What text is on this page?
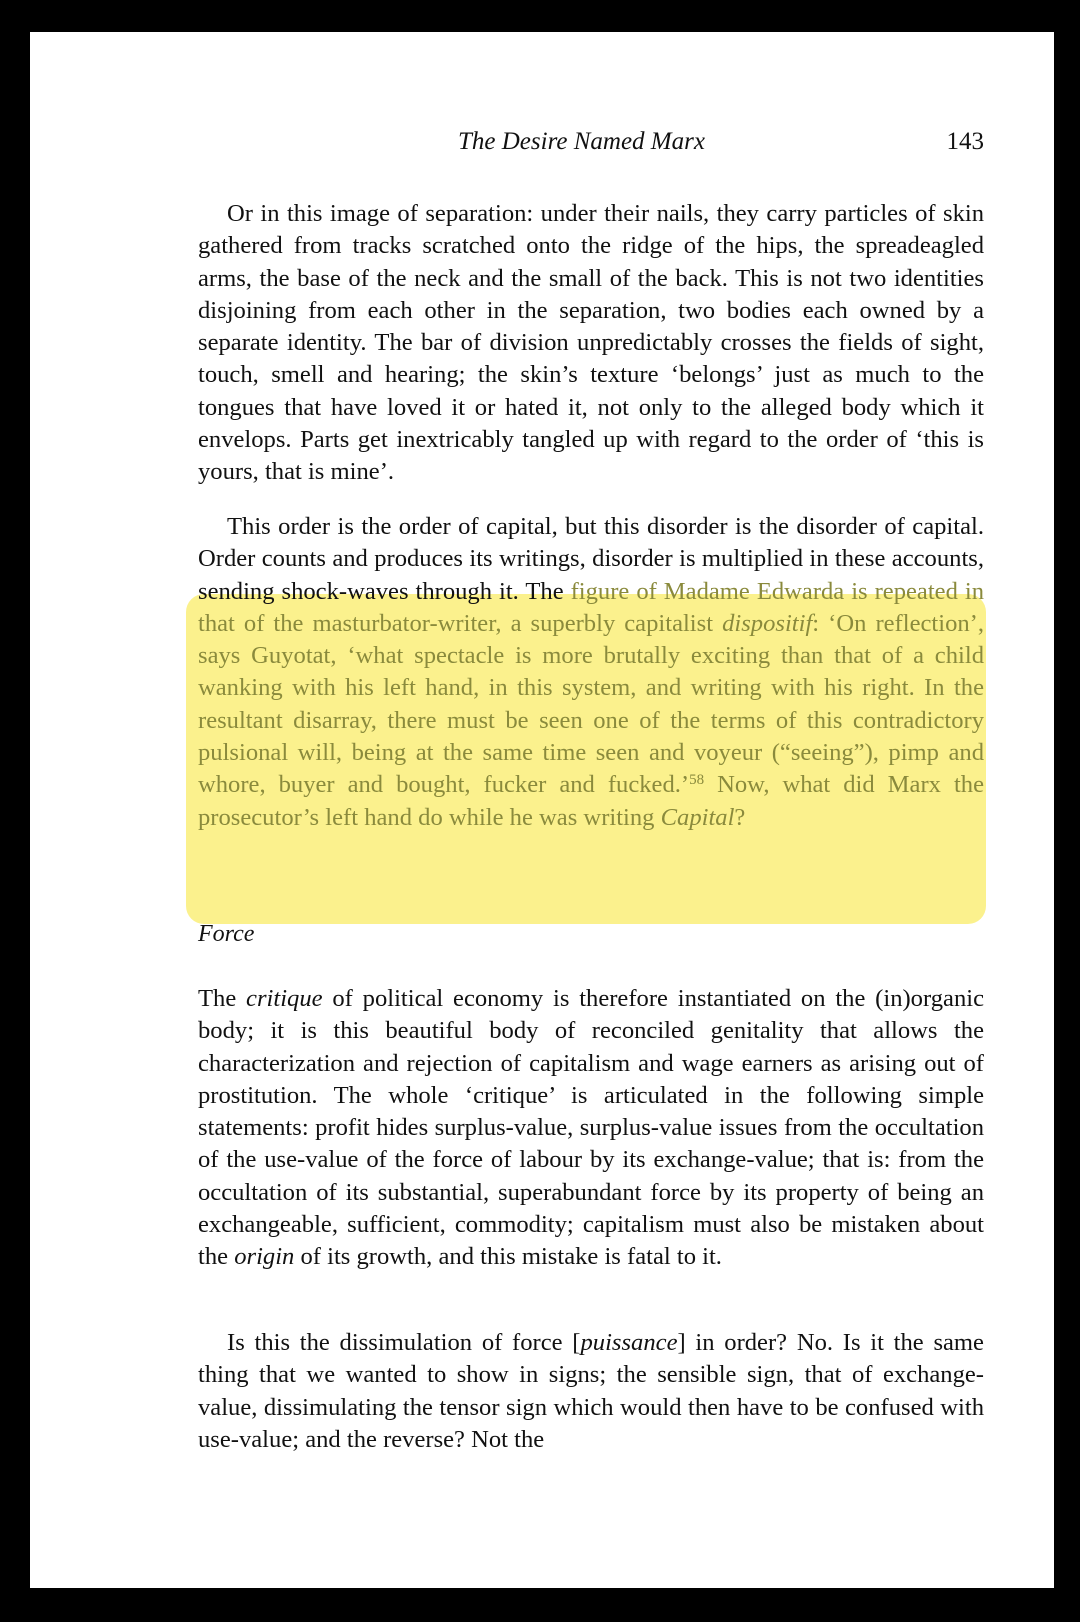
The Desire Named Marx	143

Or in this image of separation: under their nails, they carry particles of skin gathered from tracks scratched onto the ridge of the hips, the spreadeagled arms, the base of the neck and the small of the back. This is not two identities disjoining from each other in the separation, two bodies each owned by a separate identity. The bar of division unpredictably crosses the fields of sight, touch, smell and hearing; the skin’s texture ‘belongs’ just as much to the tongues that have loved it or hated it, not only to the alleged body which it envelops. Parts get inextricably tangled up with regard to the order of ‘this is yours, that is mine’.

This order is the order of capital, but this disorder is the disorder of capital. Order counts and produces its writings, disorder is multiplied in these accounts, sending shock-waves through it. The figure of Madame Edwarda is repeated in that of the masturbator-writer, a superbly capitalist dispositif: ‘On reflection’, says Guyotat, ‘what spectacle is more brutally exciting than that of a child wanking with his left hand, in this system, and writing with his right. In the resultant disarray, there must be seen one of the terms of this contradictory pulsional will, being at the same time seen and voyeur (“seeing”), pimp and whore, buyer and bought, fucker and fucked.’$^{58}$ Now, what did Marx the prosecutor’s left hand do while he was writing Capital?

Force

The critique of political economy is therefore instantiated on the (in)organic body; it is this beautiful body of reconciled genitality that allows the characterization and rejection of capitalism and wage earners as arising out of prostitution. The whole ‘critique’ is articulated in the following simple statements: profit hides surplus-value, surplus-value issues from the occultation of the use-value of the force of labour by its exchange-value; that is: from the occultation of its substantial, superabundant force by its property of being an exchangeable, sufficient, commodity; capitalism must also be mistaken about the origin of its growth, and this mistake is fatal to it.

Is this the dissimulation of force [puissance] in order? No. Is it the same thing that we wanted to show in signs; the sensible sign, that of exchange-value, dissimulating the tensor sign which would then have to be confused with use-value; and the reverse? Not the
